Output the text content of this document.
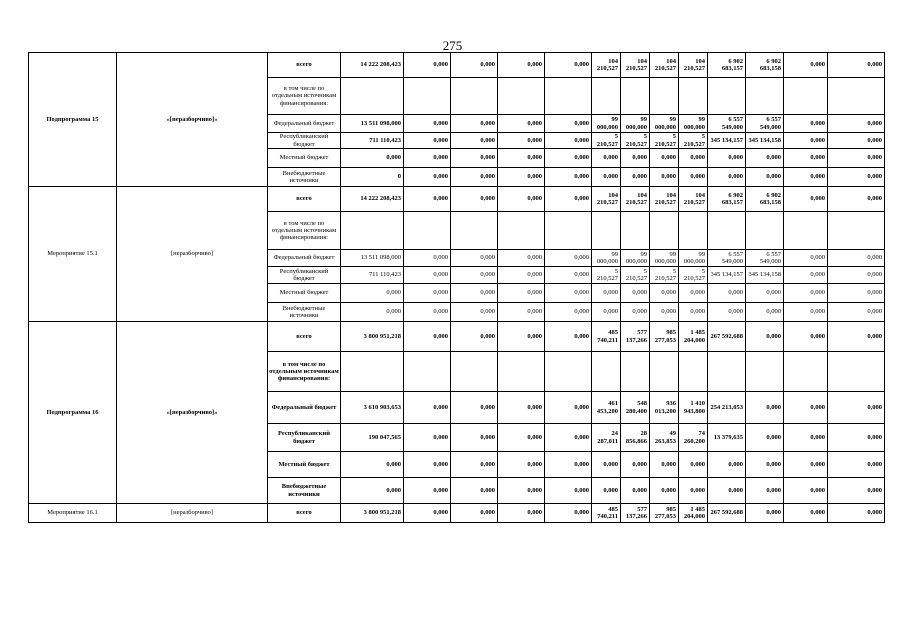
275
Подпрограмма 15	«[неразборчиво]»	всего	14 222 208,423	0,000	0,000	0,000	0,000	104 210,527	104 210,527	104 210,527	104 210,527	6 902 683,157	6 902 683,158	0,000	0,000
		в том числе по отдельным источникам финансирования:													
		Федеральный бюджет	13 511 098,000	0,000	0,000	0,000	0,000	99 000,000	99 000,000	99 000,000	99 000,000	6 557 549,000	6 557 549,000	0,000	0,000
		Республиканский бюджет	711 110,423	0,000	0,000	0,000	0,000	5 210,527	5 210,527	5 210,527	5 210,527	345 134,157	345 134,158	0,000	0,000
		Местный бюджет	0,000	0,000	0,000	0,000	0,000	0,000	0,000	0,000	0,000	0,000	0,000	0,000	0,000
		Внебюджетные источники	0	0,000	0,000	0,000	0,000	0,000	0,000	0,000	0,000	0,000	0,000	0,000	0,000
Мероприятие 15.1	[неразборчиво]	всего	14 222 208,423	0,000	0,000	0,000	0,000	104 210,527	104 210,527	104 210,527	104 210,527	6 902 683,157	6 902 683,158	0,000	0,000
		в том числе по отдельным источникам финансирования:													
		Федеральный бюджет	13 511 098,000	0,000	0,000	0,000	0,000	99 000,000	99 000,000	99 000,000	99 000,000	6 557 549,000	6 557 549,000	0,000	0,000
		Республиканский бюджет	711 110,423	0,000	0,000	0,000	0,000	5 210,527	5 210,527	5 210,527	5 210,527	345 134,157	345 134,158	0,000	0,000
		Местный бюджет	0,000	0,000	0,000	0,000	0,000	0,000	0,000	0,000	0,000	0,000	0,000	0,000	0,000
		Внебюджетные источники	0,000	0,000	0,000	0,000	0,000	0,000	0,000	0,000	0,000	0,000	0,000	0,000	0,000
Подпрограмма 16	«[неразборчиво]»	всего	3 800 951,218	0,000	0,000	0,000	0,000	485 740,211	577 137,266	985 277,053	1 485 204,000	267 592,688	0,000	0,000	0,000
		в том числе по отдельным источникам финансирования:													
		Федеральный бюджет	3 610 903,653	0,000	0,000	0,000	0,000	461 453,200	548 280,400	936 013,200	1 410 943,800	254 213,053	0,000	0,000	0,000
		Республиканский бюджет	190 047,565	0,000	0,000	0,000	0,000	24 287,011	28 856,866	49 263,853	74 260,200	13 379,635	0,000	0,000	0,000
		Местный бюджет	0,000	0,000	0,000	0,000	0,000	0,000	0,000	0,000	0,000	0,000	0,000	0,000	0,000
		Внебюджетные источники	0,000	0,000	0,000	0,000	0,000	0,000	0,000	0,000	0,000	0,000	0,000	0,000	0,000
Мероприятие 16.1	[неразборчиво]	всего	3 800 951,218	0,000	0,000	0,000	0,000	485 740,211	577 137,266	985 277,053	1 485 204,000	267 592,688	0,000	0,000	0,000
